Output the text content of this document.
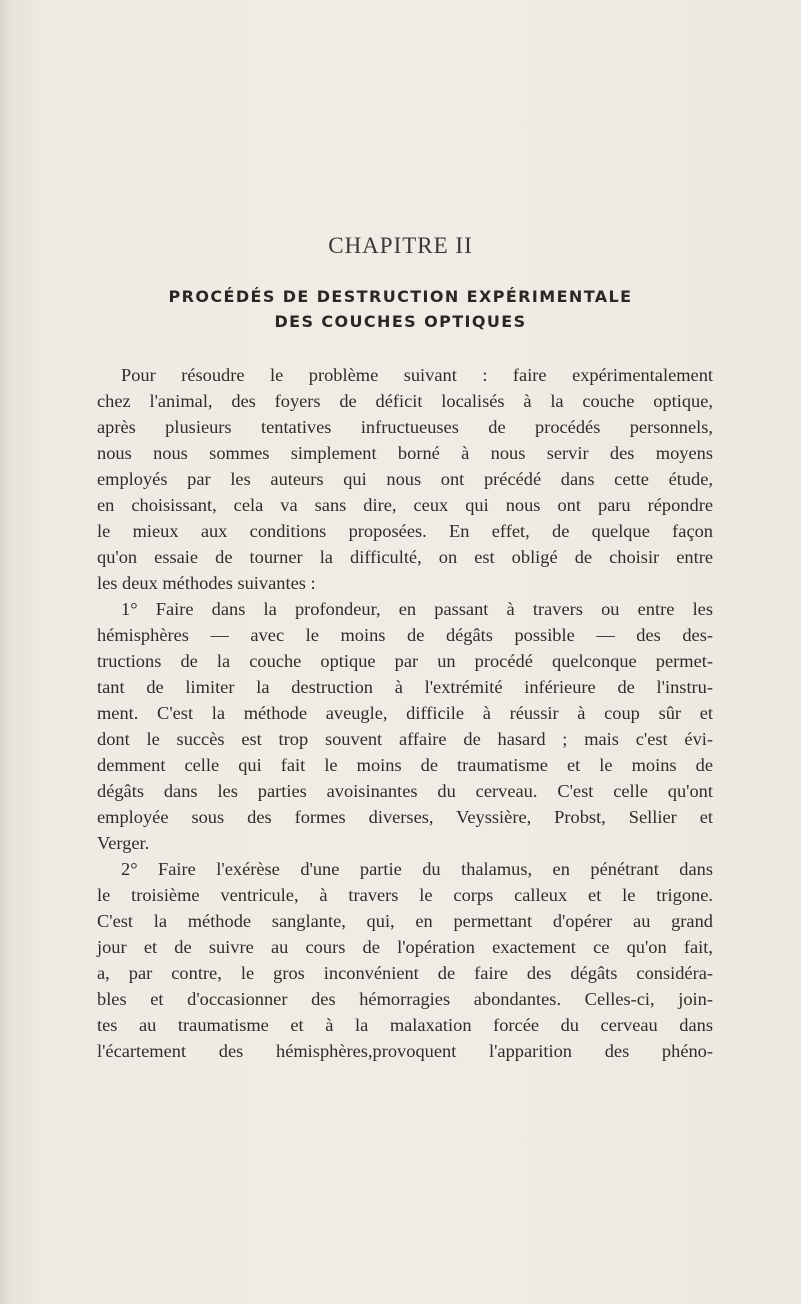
CHAPITRE II
PROCÉDÉS DE DESTRUCTION EXPÉRIMENTALE
DES COUCHES OPTIQUES

Pour résoudre le problème suivant : faire expérimentalement

chez l'animal, des foyers de déficit localisés à la couche optique,

après plusieurs tentatives infructueuses de procédés personnels,

nous nous sommes simplement borné à nous servir des moyens

employés par les auteurs qui nous ont précédé dans cette étude,

en choisissant, cela va sans dire, ceux qui nous ont paru répondre

le mieux aux conditions proposées. En effet, de quelque façon

qu'on essaie de tourner la difficulté, on est obligé de choisir entre

les deux méthodes suivantes :

1° Faire dans la profondeur, en passant à travers ou entre les

hémisphères — avec le moins de dégâts possible — des des-

tructions de la couche optique par un procédé quelconque permet-

tant de limiter la destruction à l'extrémité inférieure de l'instru-

ment. C'est la méthode aveugle, difficile à réussir à coup sûr et

dont le succès est trop souvent affaire de hasard ; mais c'est évi-

demment celle qui fait le moins de traumatisme et le moins de

dégâts dans les parties avoisinantes du cerveau. C'est celle qu'ont

employée sous des formes diverses, Veyssière, Probst, Sellier et

Verger.

2° Faire l'exérèse d'une partie du thalamus, en pénétrant dans

le troisième ventricule, à travers le corps calleux et le trigone.

C'est la méthode sanglante, qui, en permettant d'opérer au grand

jour et de suivre au cours de l'opération exactement ce qu'on fait,

a, par contre, le gros inconvénient de faire des dégâts considéra-

bles et d'occasionner des hémorragies abondantes. Celles-ci, join-

tes au traumatisme et à la malaxation forcée du cerveau dans

l'écartement des hémisphères,provoquent l'apparition des phéno-
